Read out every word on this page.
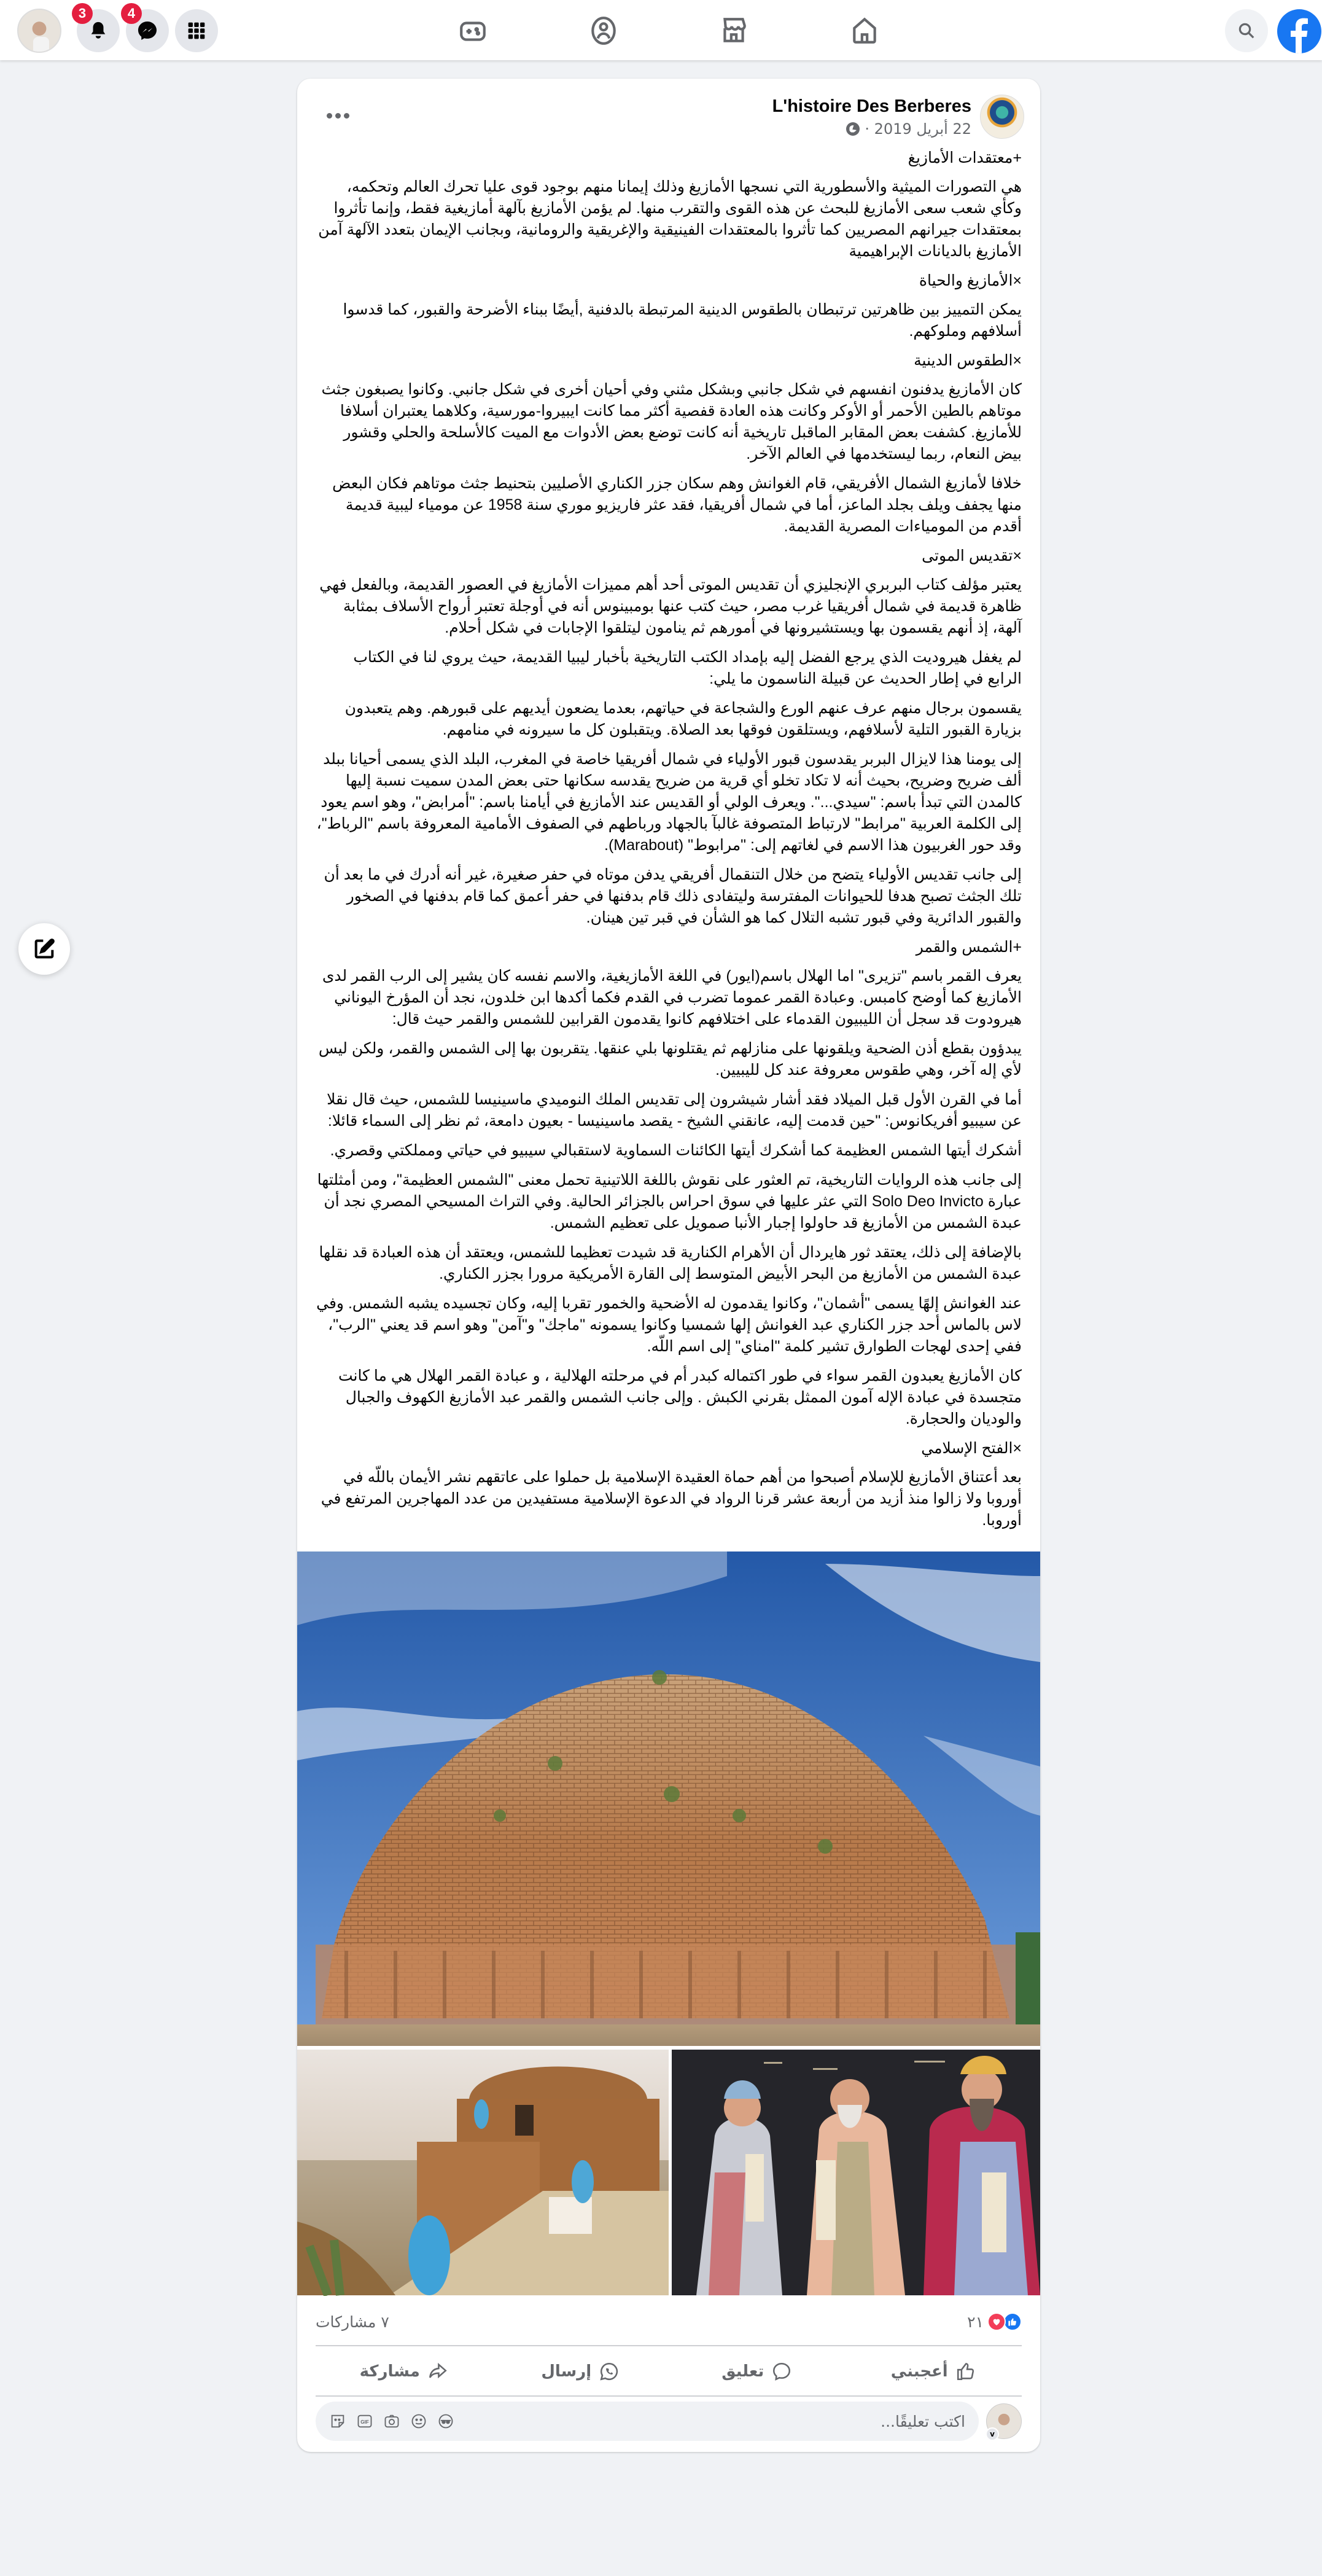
3	4
L'histoire Des Berberes
22 أبريل 2019 ·
+معتقدات الأمازيغ

هي التصورات الميثية والأسطورية التي نسجها الأمازيغ وذلك إيمانا منهم بوجود قوى عليا تحرك العالم وتحكمه، وكأي شعب سعى الأمازيغ للبحث عن هذه القوى والتقرب منها. لم يؤمن الأمازيغ بآلهة أمازيغية فقط، وإنما تأثروا بمعتقدات جيرانهم المصريين كما تأثروا بالمعتقدات الفينيقية والإغريقية والرومانية، وبجانب الإيمان بتعدد الآلهة آمن الأمازيغ بالديانات الإبراهيمية

×الأمازيغ والحياة

يمكن التمييز بين ظاهرتين ترتبطان بالطقوس الدينية المرتبطة بالدفنية ,أيضًا ببناء الأضرحة والقبور، كما قدسوا أسلافهم وملوكهم.

×الطقوس الدينية

كان الأمازيغ يدفنون انفسهم في شكل جانبي وبشكل مثني وفي أحيان أخرى في شكل جانبي. وكانوا يصبغون جثث موتاهم بالطين الأحمر أو الأوكر وكانت هذه العادة قفصية أكثر مما كانت ايبيروا-مورسية، وكلاهما يعتبران أسلافا للأمازيغ. كشفت بعض المقابر الماقبل تاريخية أنه كانت توضع بعض الأدوات مع الميت كالأسلحة والحلي وقشور بيض النعام، ربما ليستخدمها في العالم الآخر.

خلافا لأمازيغ الشمال الأفريقي، قام الغوانش وهم سكان جزر الكناري الأصليين بتحنيط جثث موتاهم فكان البعض منها يجفف ويلف بجلد الماعز، أما في شمال أفريقيا، فقد عثر فاريزيو موري سنة 1958 عن مومياء ليبية قديمة أقدم من المومياءات المصرية القديمة.

×تقديس الموتى

يعتبر مؤلف كتاب البربري الإنجليزي أن تقديس الموتى أحد أهم مميزات الأمازيغ في العصور القديمة، وبالفعل فهي ظاهرة قديمة في شمال أفريقيا غرب مصر، حيث كتب عنها بومبينوس أنه في أوجلة تعتبر أرواح الأسلاف بمثابة آلهة، إذ أنهم يقسمون بها ويستشيرونها في أمورهم ثم ينامون ليتلقوا الإجابات في شكل أحلام.

لم يغفل هيروديت الذي يرجع الفضل إليه بإمداد الكتب التاريخية بأخبار ليبيا القديمة، حيث يروي لنا في الكتاب الرابع في إطار الحديث عن قبيلة الناسمون ما يلي:

يقسمون برجال منهم عرف عنهم الورع والشجاعة في حياتهم، بعدما يضعون أيديهم على قبورهم. وهم يتعبدون بزيارة القبور التلية لأسلافهم، ويستلقون فوقها بعد الصلاة. ويتقبلون كل ما سيرونه في منامهم.

إلى يومنا هذا لايزال البربر يقدسون قبور الأولياء في شمال أفريقيا خاصة في المغرب، البلد الذي يسمى أحيانا ببلد ألف ضريح وضريح، بحيث أنه لا تكاد تخلو أي قرية من ضريح يقدسه سكانها حتى بعض المدن سميت نسبة إليها كالمدن التي تبدأ باسم: "سيدي...". ويعرف الولي أو القديس عند الأمازيغ في أيامنا باسم: "أمرابض"، وهو اسم يعود إلى الكلمة العربية "مرابط" لارتباط المتصوفة غالبآ بالجهاد ورباطهم في الصفوف الأمامية المعروفة باسم "الرباط"، وقد حور الغربيون هذا الاسم في لغاتهم إلى: "مرابوط" (Marabout).

إلى جانب تقديس الأولياء يتضح من خلال التنقمال أفريقي يدفن موتاه في حفر صغيرة، غير أنه أدرك في ما بعد أن تلك الجثث تصبح هدفا للحيوانات المفترسة وليتفادى ذلك قام بدفنها في حفر أعمق كما قام بدفنها في الصخور والقبور الدائرية وفي قبور تشبه التلال كما هو الشأن في قبر تين هينان.

+الشمس والقمر

يعرف القمر باسم "تزيرى" اما الهلال باسم(ايور) في اللغة الأمازيغية، والاسم نفسه كان يشير إلى الرب القمر لدى الأمازيغ كما أوضح كامبس. وعبادة القمر عموما تضرب في القدم فكما أكدها ابن خلدون، نجد أن المؤرخ اليوناني هيرودوت قد سجل أن الليبيون القدماء على اختلافهم كانوا يقدمون القرابين للشمس والقمر حيث قال:

يبدؤون بقطع أذن الضحية ويلقونها على منازلهم ثم يقتلونها بلي عنقها. يتقربون بها إلى الشمس والقمر، ولكن ليس لأي إله آخر، وهي طقوس معروفة عند كل لليبيين.

أما في القرن الأول قبل الميلاد فقد أشار شيشرون إلى تقديس الملك النوميدي ماسينيسا للشمس، حيث قال نقلا عن سيبيو أفريكانوس: "حين قدمت إليه، عانقني الشيخ - يقصد ماسينيسا - بعيون دامعة، ثم نظر إلى السماء قائلا:

أشكرك أيتها الشمس العظيمة كما أشكرك أيتها الكائنات السماوية لاستقبالي سيبيو في حياتي ومملكتي وقصري.

إلى جانب هذه الروايات التاريخية، تم العثور على نقوش باللغة اللاتينية تحمل معنى "الشمس العظيمة"، ومن أمثلتها عبارة Solo Deo Invicto التي عثر عليها في سوق احراس بالجزائر الحالية. وفي التراث المسيحي المصري نجد أن عبدة الشمس من الأمازيغ قد حاولوا إجبار الأنبا صمويل على تعظيم الشمس.

بالإضافة إلى ذلك، يعتقد ثور هايردال أن الأهرام الكنارية قد شيدت تعظيما للشمس، ويعتقد أن هذه العبادة قد نقلها عبدة الشمس من الأمازيغ من البحر الأبيض المتوسط إلى القارة الأمريكية مرورا بجزر الكناري.

عند الغوانش إلهًا يسمى "أشمان"، وكانوا يقدمون له الأضحية والخمور تقربا إليه، وكان تجسيده يشبه الشمس. وفي لاس بالماس أحد جزر الكناري عبد الغوانش إلها شمسيا وكانوا يسمونه "ماجك" و"آمن" وهو اسم قد يعني "الرب"، ففي إحدى لهجات الطوارق تشير كلمة "امناي" إلى اسم اللّه.

كان الأمازيغ يعبدون القمر سواء في طور اكتماله كبدر أم في مرحلته الهلالية ، و عبادة القمر الهلال هي ما كانت متجسدة في عبادة الإله آمون الممثل بقرني الكبش . وإلى جانب الشمس والقمر عبد الأمازيغ الكهوف والجبال والوديان والحجارة.

×الفتح الإسلامي

بعد أعتناق الأمازيغ للإسلام أصبحوا من أهم حماة العقيدة الإسلامية بل حملوا على عاتقهم نشر الأيمان باللّه في أوروبا ولا زالوا منذ أزيد من أربعة عشر قرنا الرواد في الدعوة الإسلامية مستفيدين من عدد المهاجرين المرتفع في أوروبا.

٢١
٧ مشاركات
أعجبني
تعليق
إرسال
مشاركة
v
اكتب تعليقًا...
GIF
